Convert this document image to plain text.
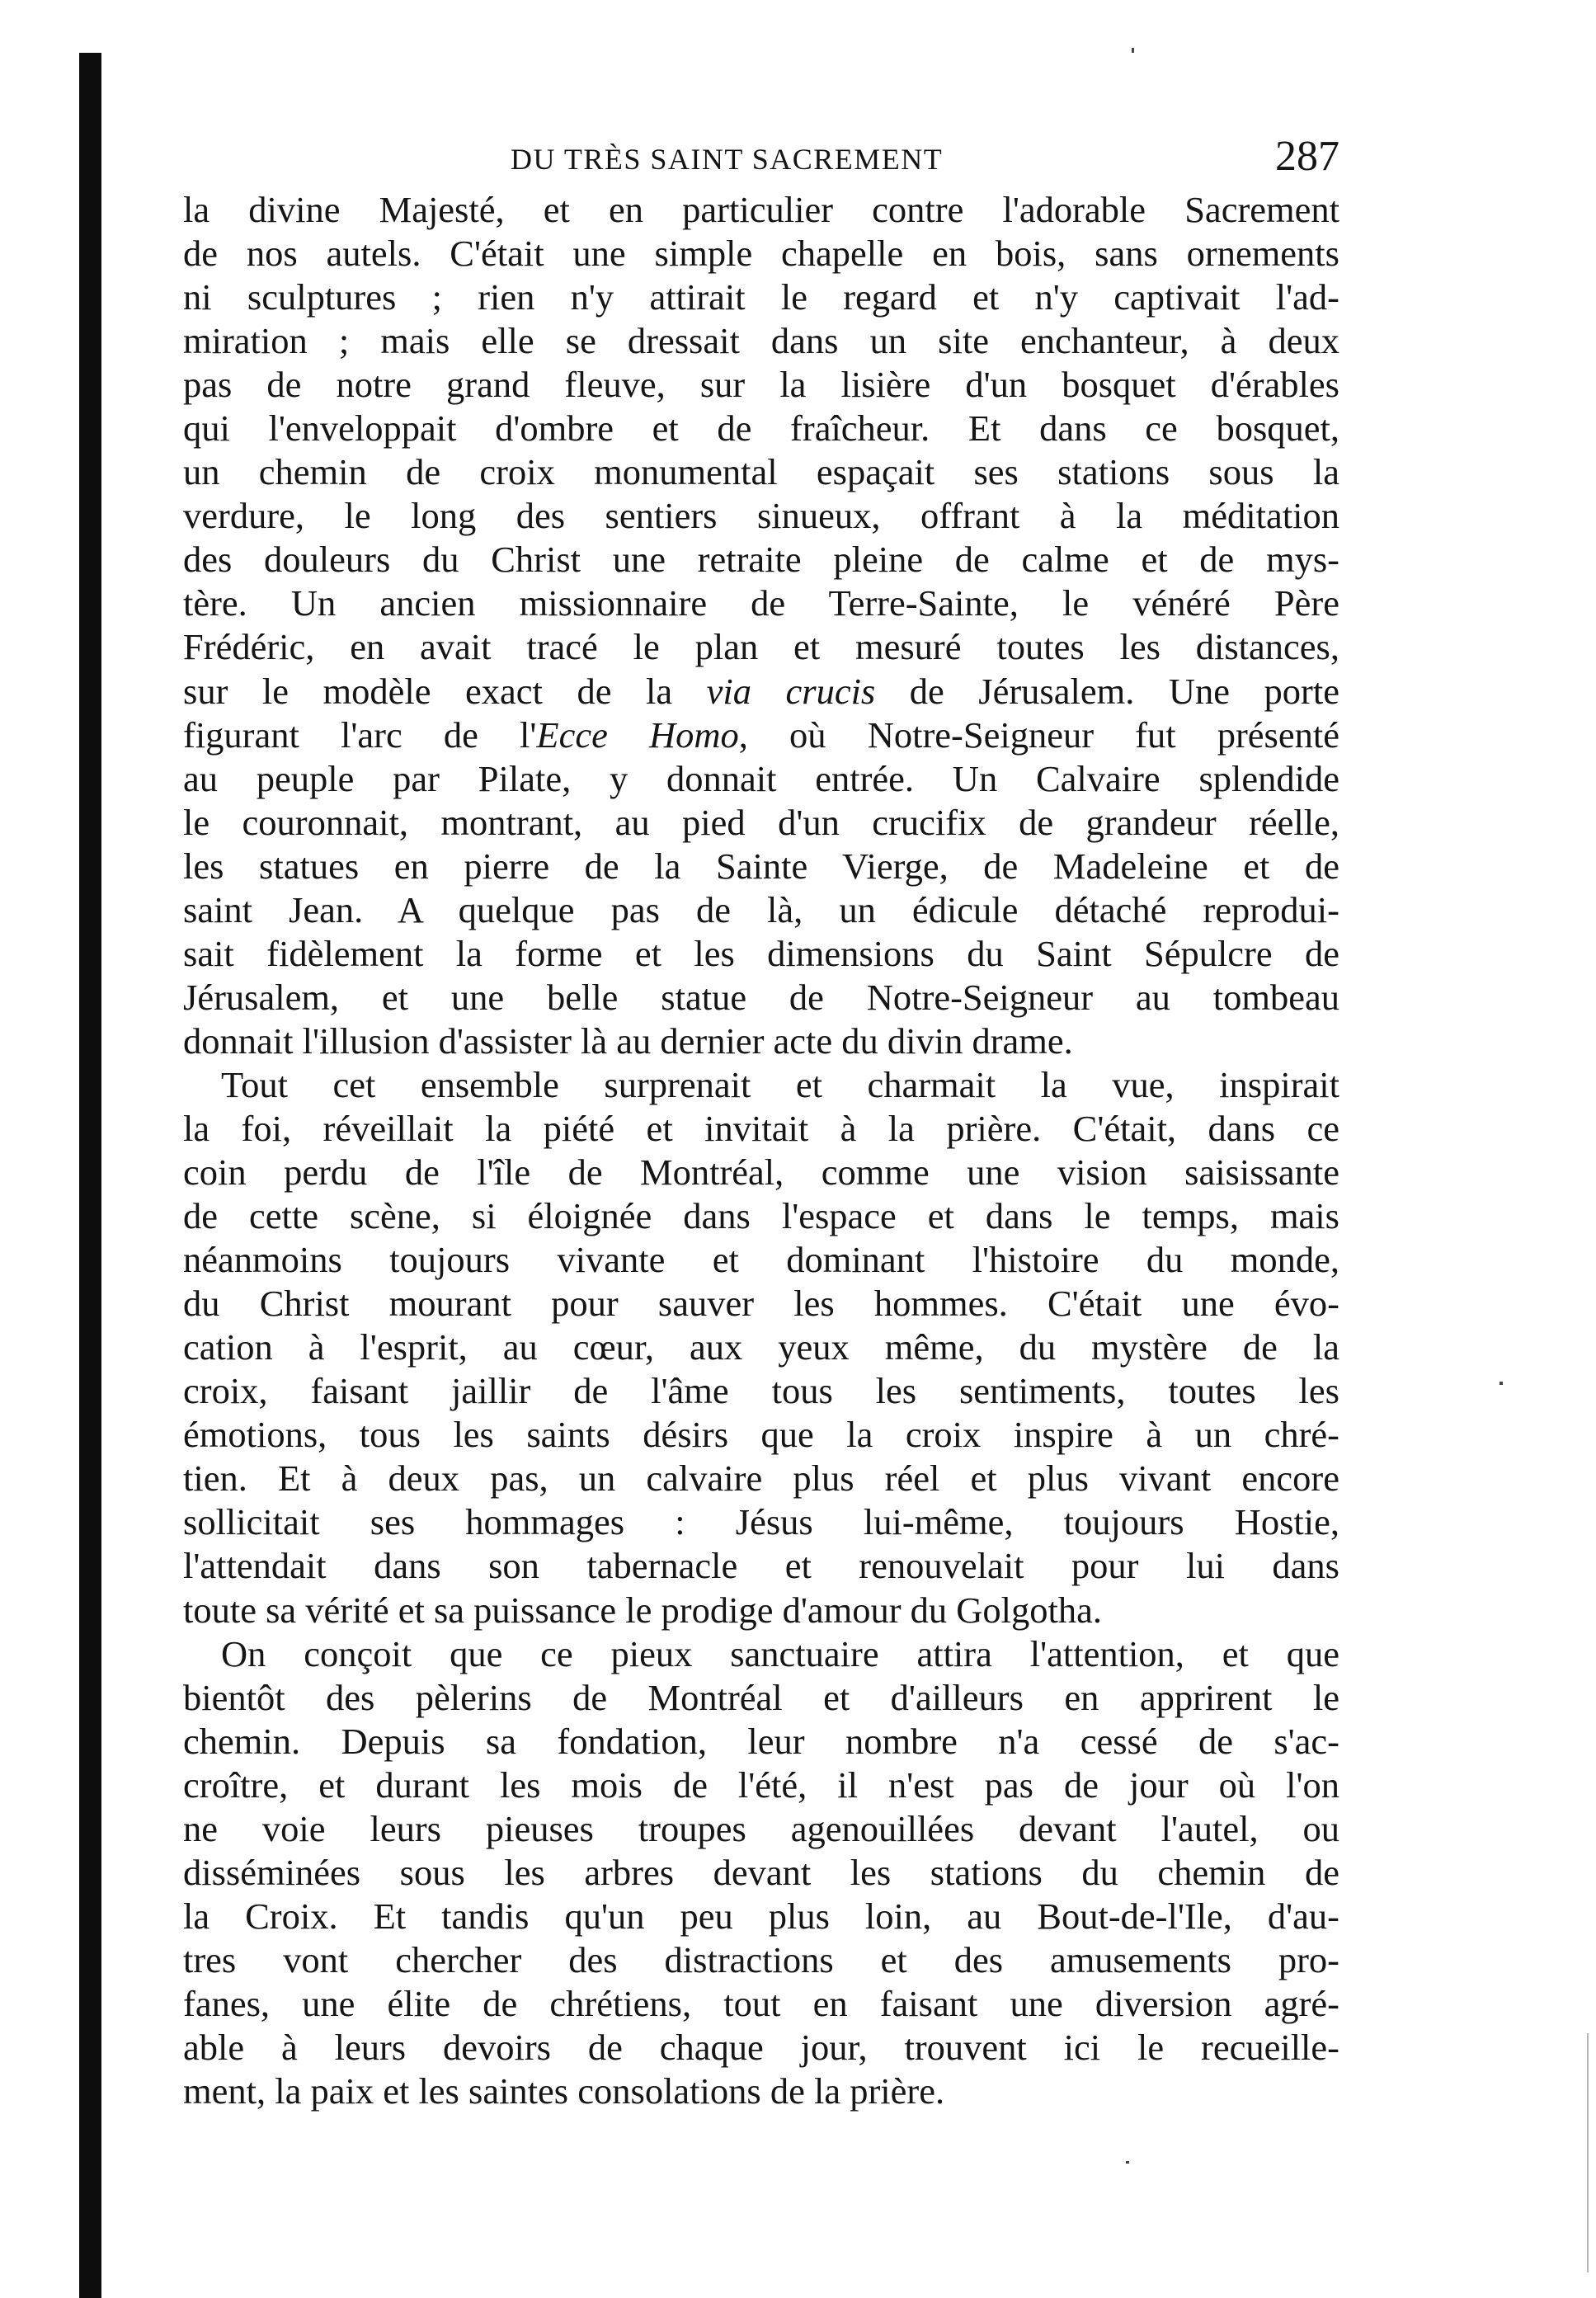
DU TRÈS SAINT SACREMENT	287
la divine Majesté, et en particulier contre l'adorable Sacrement
de nos autels. C'était une simple chapelle en bois, sans ornements
ni sculptures ; rien n'y attirait le regard et n'y captivait l'ad-
miration ; mais elle se dressait dans un site enchanteur, à deux
pas de notre grand fleuve, sur la lisière d'un bosquet d'érables
qui l'enveloppait d'ombre et de fraîcheur. Et dans ce bosquet,
un chemin de croix monumental espaçait ses stations sous la
verdure, le long des sentiers sinueux, offrant à la méditation
des douleurs du Christ une retraite pleine de calme et de mys-
tère. Un ancien missionnaire de Terre-Sainte, le vénéré Père
Frédéric, en avait tracé le plan et mesuré toutes les distances,
sur le modèle exact de la via crucis de Jérusalem. Une porte
figurant l'arc de l'Ecce Homo, où Notre-Seigneur fut présenté
au peuple par Pilate, y donnait entrée. Un Calvaire splendide
le couronnait, montrant, au pied d'un crucifix de grandeur réelle,
les statues en pierre de la Sainte Vierge, de Madeleine et de
saint Jean. A quelque pas de là, un édicule détaché reprodui-
sait fidèlement la forme et les dimensions du Saint Sépulcre de
Jérusalem, et une belle statue de Notre-Seigneur au tombeau
donnait l'illusion d'assister là au dernier acte du divin drame.
Tout cet ensemble surprenait et charmait la vue, inspirait
la foi, réveillait la piété et invitait à la prière. C'était, dans ce
coin perdu de l'île de Montréal, comme une vision saisissante
de cette scène, si éloignée dans l'espace et dans le temps, mais
néanmoins toujours vivante et dominant l'histoire du monde,
du Christ mourant pour sauver les hommes. C'était une évo-
cation à l'esprit, au cœur, aux yeux même, du mystère de la
croix, faisant jaillir de l'âme tous les sentiments, toutes les
émotions, tous les saints désirs que la croix inspire à un chré-
tien. Et à deux pas, un calvaire plus réel et plus vivant encore
sollicitait ses hommages : Jésus lui-même, toujours Hostie,
l'attendait dans son tabernacle et renouvelait pour lui dans
toute sa vérité et sa puissance le prodige d'amour du Golgotha.
On conçoit que ce pieux sanctuaire attira l'attention, et que
bientôt des pèlerins de Montréal et d'ailleurs en apprirent le
chemin. Depuis sa fondation, leur nombre n'a cessé de s'ac-
croître, et durant les mois de l'été, il n'est pas de jour où l'on
ne voie leurs pieuses troupes agenouillées devant l'autel, ou
disséminées sous les arbres devant les stations du chemin de
la Croix. Et tandis qu'un peu plus loin, au Bout-de-l'Ile, d'au-
tres vont chercher des distractions et des amusements pro-
fanes, une élite de chrétiens, tout en faisant une diversion agré-
able à leurs devoirs de chaque jour, trouvent ici le recueille-
ment, la paix et les saintes consolations de la prière.
